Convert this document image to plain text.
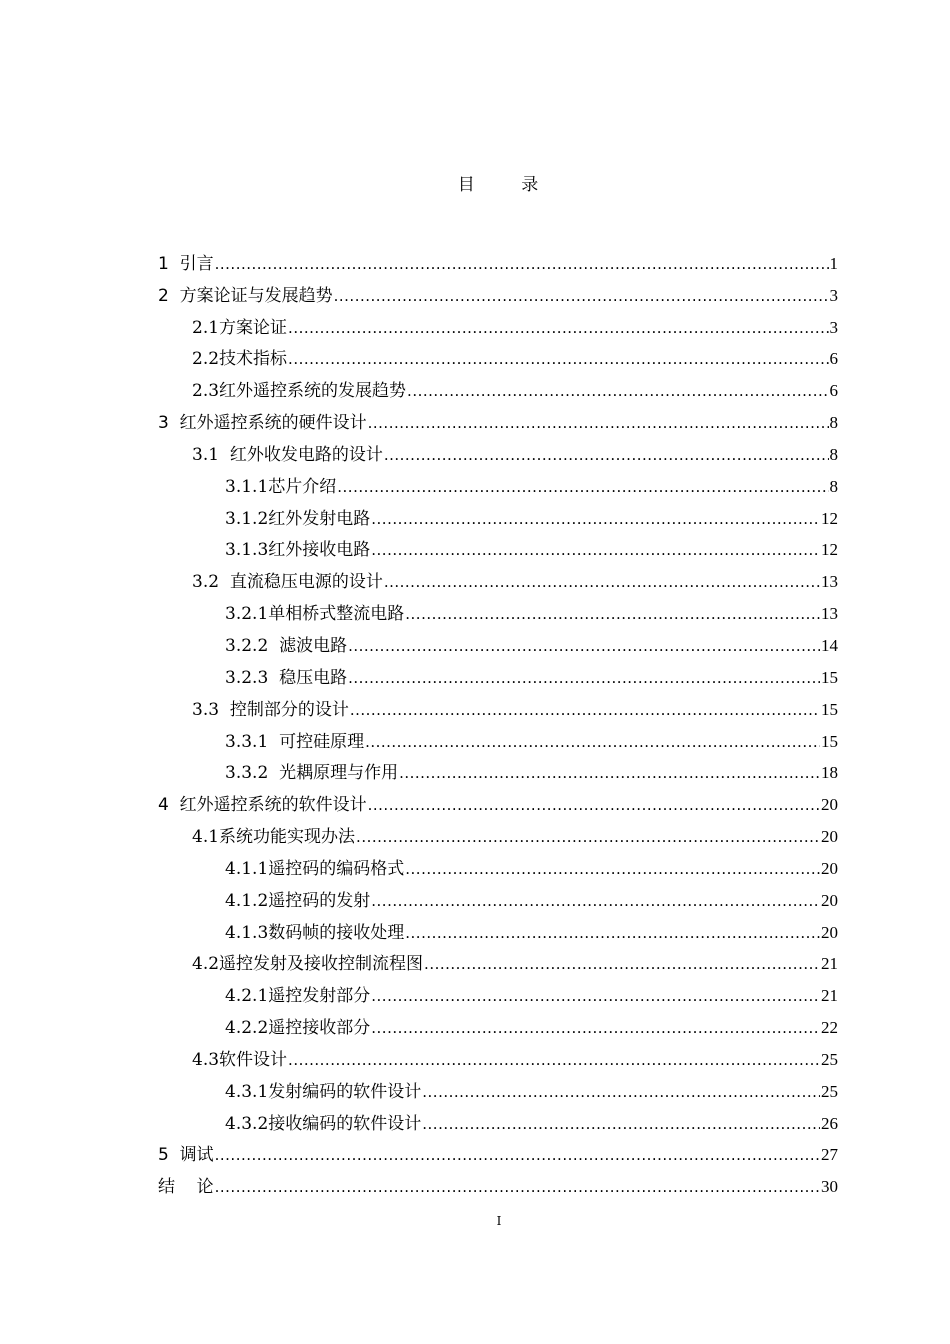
目      录
1  引言 .....	1
2  方案论证与发展趋势 .....	3
2.1方案论证 .....	3
2.2技术指标 .....	6
2.3红外遥控系统的发展趋势 .....	6
3  红外遥控系统的硬件设计 .....	8
3.1  红外收发电路的设计 .....	8
3.1.1芯片介绍 .....	8
3.1.2红外发射电路 .....	12
3.1.3红外接收电路 .....	12
3.2  直流稳压电源的设计 .....	13
3.2.1单相桥式整流电路 .....	13
3.2.2  滤波电路 .....	14
3.2.3  稳压电路 .....	15
3.3  控制部分的设计 .....	15
3.3.1  可控硅原理 .....	15
3.3.2  光耦原理与作用 .....	18
4  红外遥控系统的软件设计 .....	20
4.1系统功能实现办法 .....	20
4.1.1遥控码的编码格式 .....	20
4.1.2遥控码的发射 .....	20
4.1.3数码帧的接收处理 .....	20
4.2遥控发射及接收控制流程图 .....	21
4.2.1遥控发射部分 .....	21
4.2.2遥控接收部分 .....	22
4.3软件设计 .....	25
4.3.1发射编码的软件设计 .....	25
4.3.2接收编码的软件设计 .....	26
5  调试 .....	27
结    论 .....	30
I
